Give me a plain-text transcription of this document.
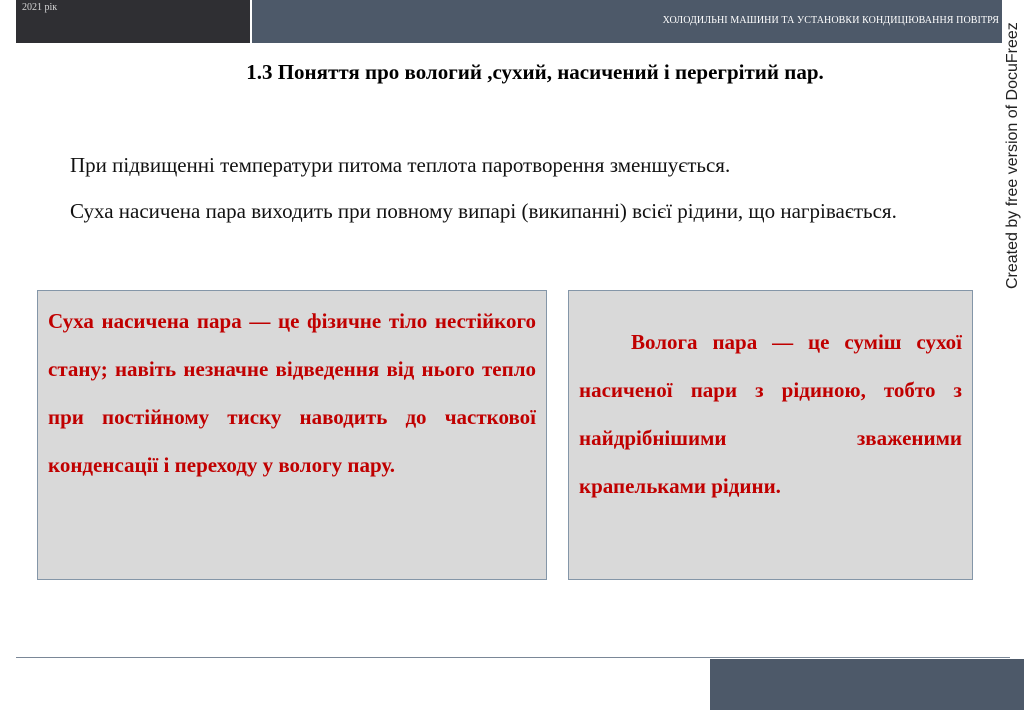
2021 рік
ХОЛОДИЛЬНІ МАШИНИ ТА УСТАНОВКИ КОНДИЦІЮВАННЯ ПОВІТРЯ
Created by free version of DocuFreez
1.3 Поняття про вологий ,сухий, насичений і перегрітий пар.
При підвищенні температури питома теплота паротворення зменшується.
Суха насичена пара виходить при повному випарі (википанні) всієї рідини, що нагрівається.
Суха насичена пара — це фізичне тіло нестійкого стану; навіть незначне відведення від нього тепло при постійному тиску наводить до часткової конденсації і переходу у вологу пару.
Волога пара — це суміш сухої насиченої пари з рідиною, тобто з найдрібнішими зваженими крапельками рідини.
